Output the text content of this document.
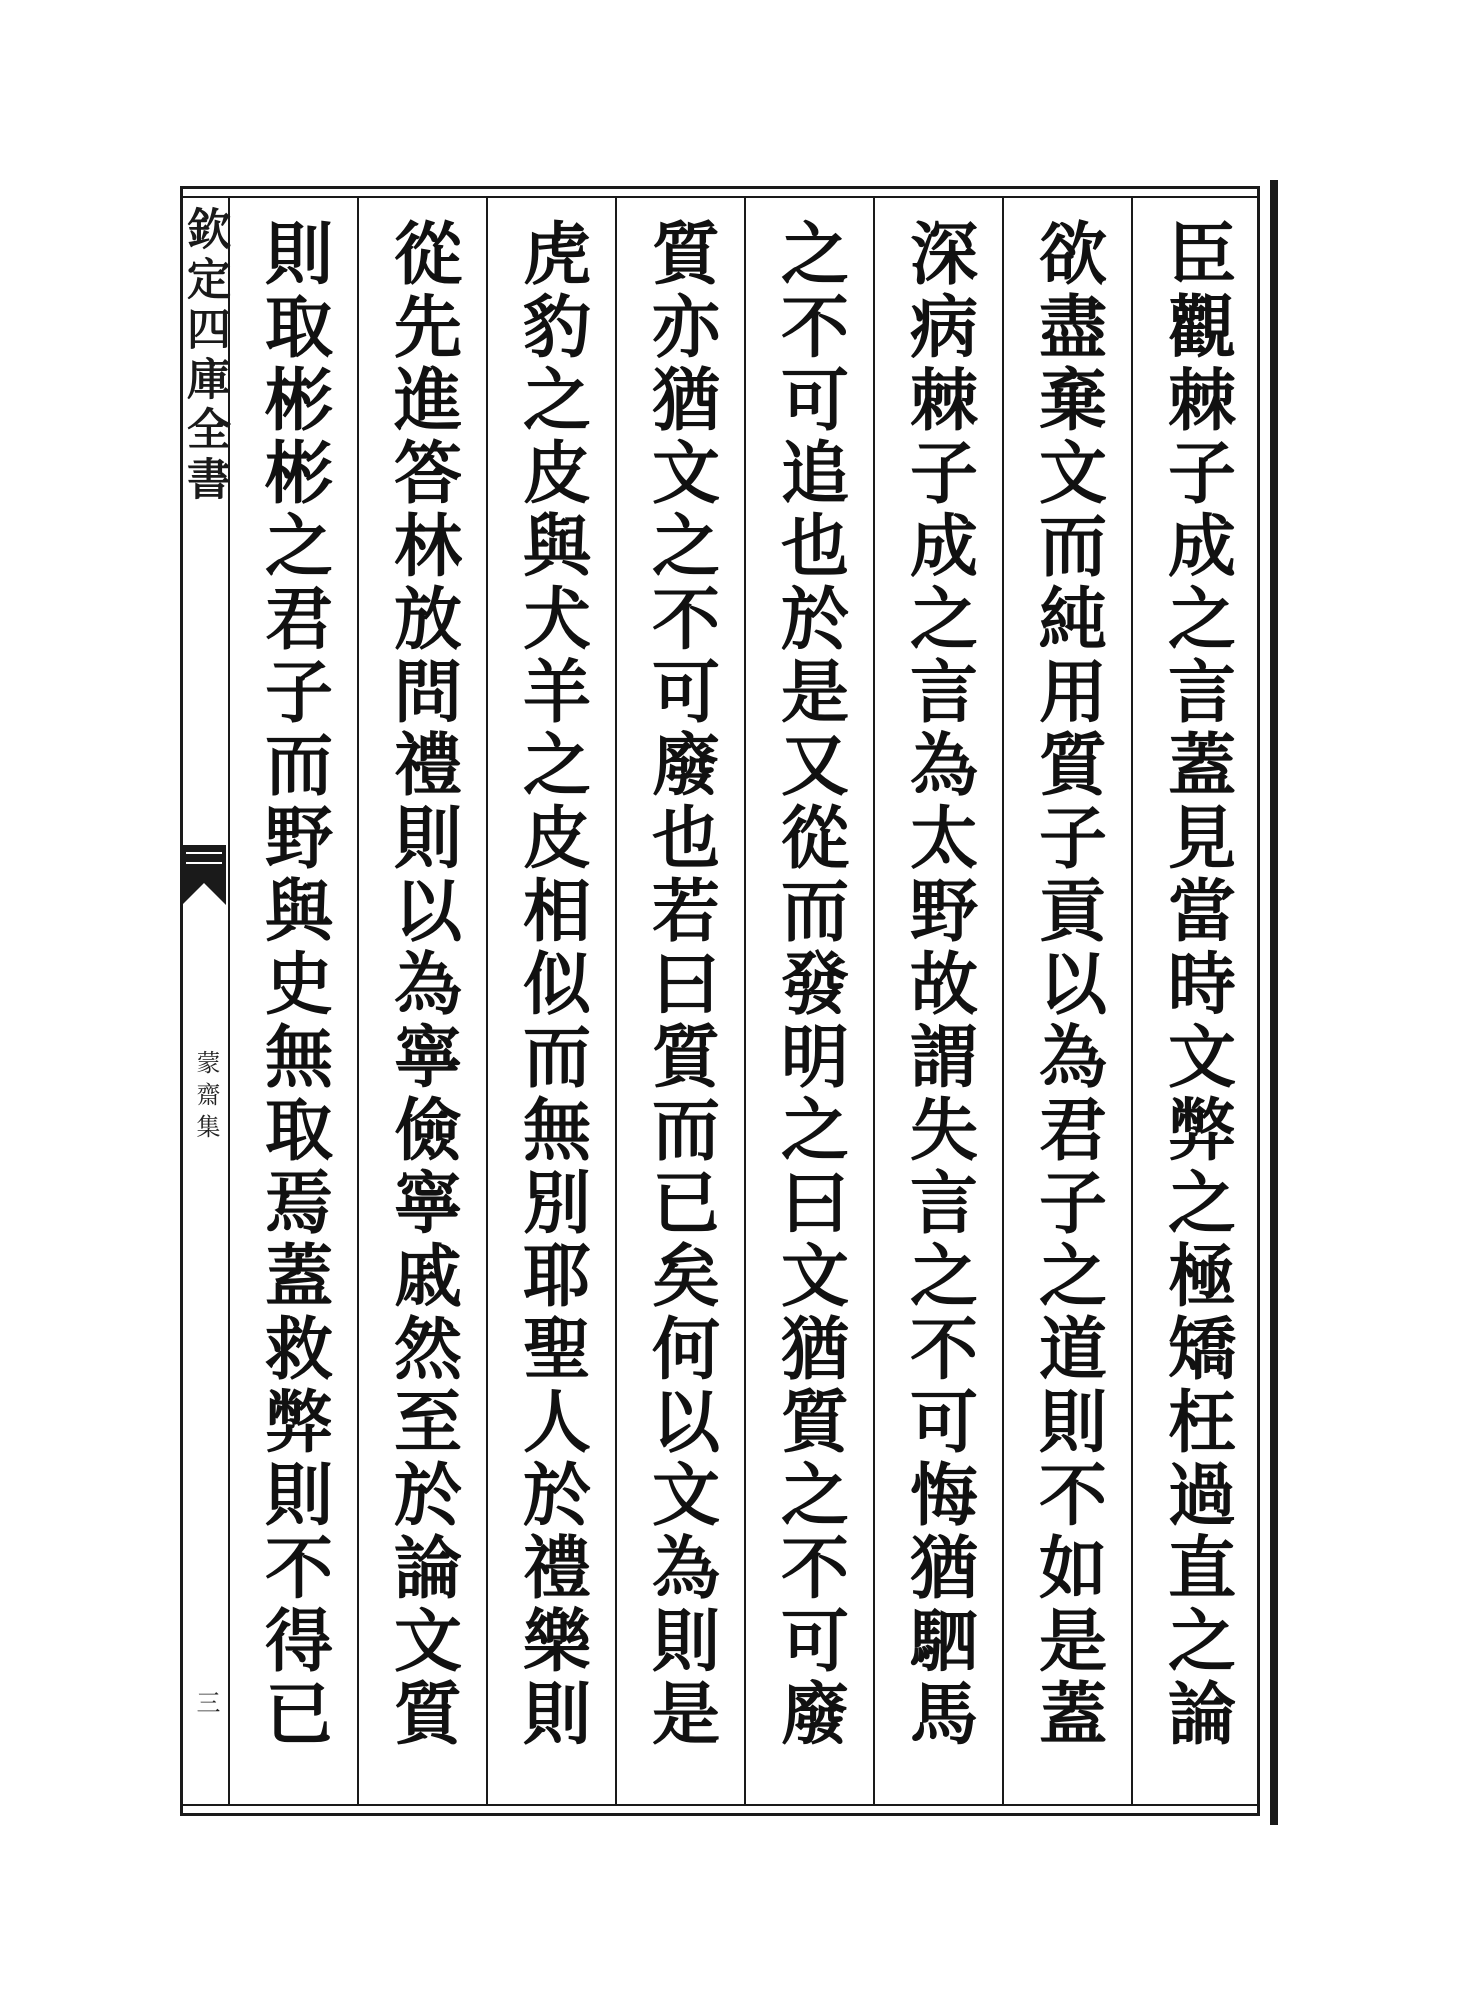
欽定四庫全書
蒙齋集
三	臣觀棘子成之言蓋見當時文弊之極矯枉過直之論
欲盡棄文而純用質子貢以為君子之道則不如是蓋
深病棘子成之言為太野故謂失言之不可悔猶駟馬
之不可追也於是又從而發明之曰文猶質之不可廢
質亦猶文之不可廢也若曰質而已矣何以文為則是
虎豹之皮與犬羊之皮相似而無別耶聖人於禮樂則
從先進答林放問禮則以為寧儉寧戚然至於論文質
則取彬彬之君子而野與史無取焉蓋救弊則不得已
